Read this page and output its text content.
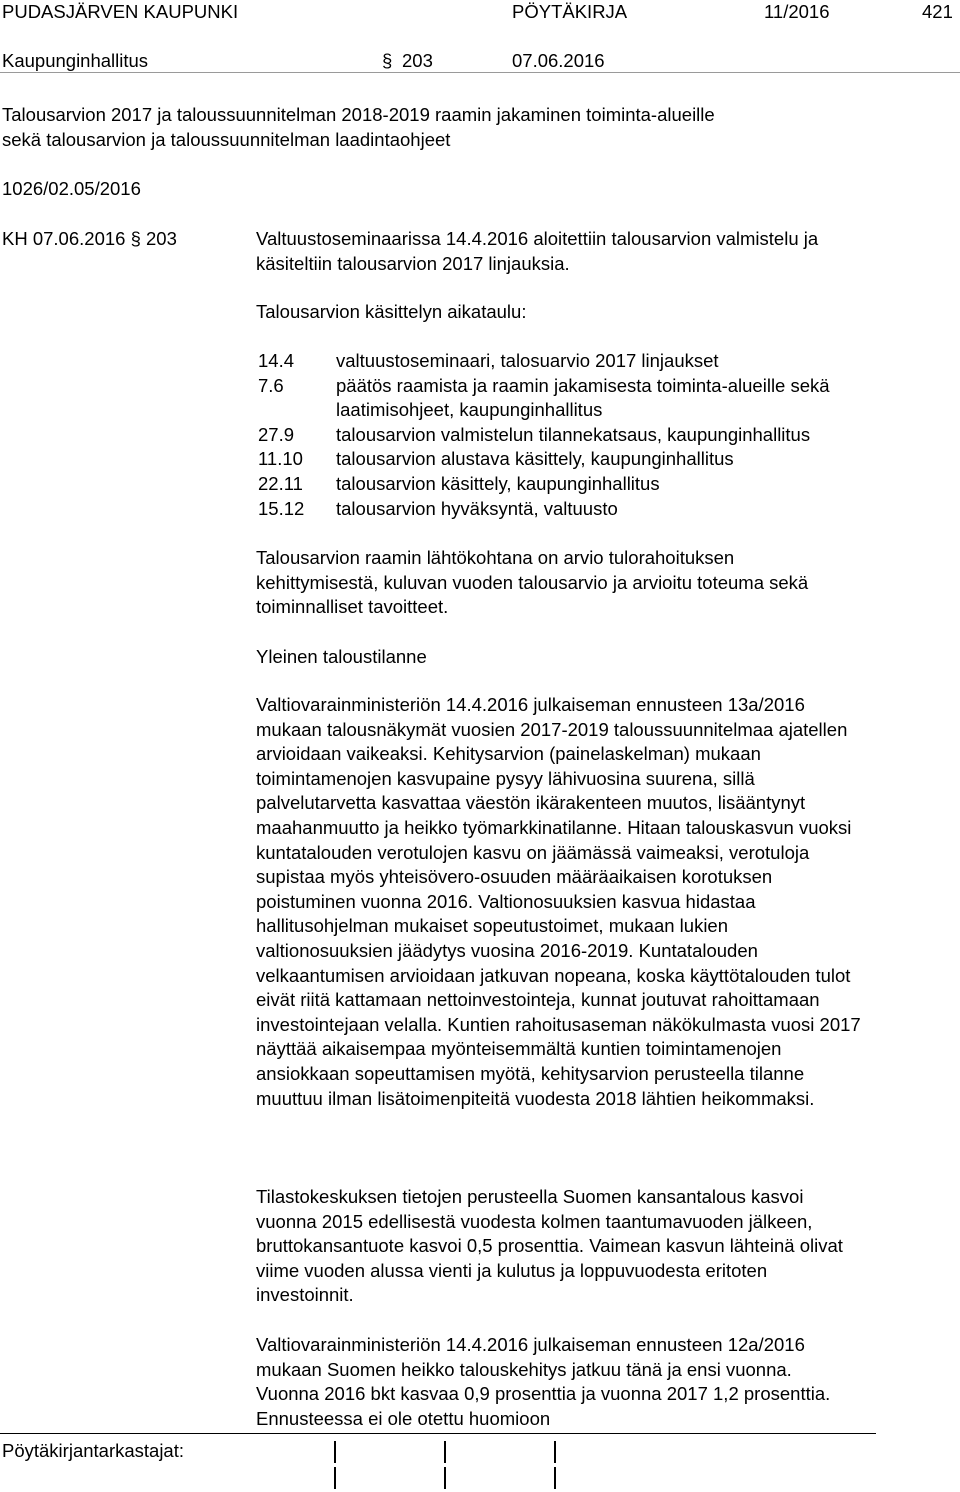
PUDASJÄRVEN KAUPUNKI	PÖYTÄKIRJA	11/2016	421
Kaupunginhallitus	§ 203	07.06.2016
Talousarvion 2017 ja taloussuunnitelman 2018-2019 raamin jakaminen toiminta-alueille
sekä talousarvion ja taloussuunnitelman laadintaohjeet
1026/02.05/2016
KH 07.06.2016 § 203	Valtuustoseminaarissa 14.4.2016 aloitettiin talousarvion valmistelu ja käsiteltiin talousarvion 2017 linjauksia.

Talousarvion käsittelyn aikataulu:

14.4	valtuustoseminaari, talosuarvio 2017 linjaukset
7.6	päätös raamista ja raamin jakamisesta toiminta-alueille sekä laatimisohjeet, kaupunginhallitus
27.9	talousarvion valmistelun tilannekatsaus, kaupunginhallitus
11.10	talousarvion alustava käsittely, kaupunginhallitus
22.11	talousarvion käsittely, kaupunginhallitus
15.12	talousarvion hyväksyntä, valtuusto

Talousarvion raamin lähtökohtana on arvio tulorahoituksen kehittymisestä, kuluvan vuoden talousarvio ja arvioitu toteuma sekä toiminnalliset tavoitteet.

Yleinen taloustilanne

Valtiovarainministeriön 14.4.2016 julkaiseman ennusteen 13a/2016 mukaan talousnäkymät vuosien 2017-2019 taloussuunnitelmaa ajatellen arvioidaan vaikeaksi. Kehitysarvion (painelaskelman) mukaan toimintamenojen kasvupaine pysyy lähivuosina suurena, sillä palvelutarvetta kasvattaa väestön ikärakenteen muutos, lisääntynyt maahanmuutto ja heikko työmarkkinatilanne. Hitaan talouskasvun vuoksi kuntatalouden verotulojen kasvu on jäämässä vaimeaksi, verotuloja supistaa myös yhteisövero-osuuden määräaikaisen korotuksen poistuminen vuonna 2016. Valtionosuuksien kasvua hidastaa hallitusohjelman mukaiset sopeutustoimet, mukaan lukien valtionosuuksien jäädytys vuosina 2016-2019. Kuntatalouden velkaantumisen arvioidaan jatkuvan nopeana, koska käyttötalouden tulot eivät riitä kattamaan nettoinvestointeja, kunnat joutuvat rahoittamaan investointejaan velalla. Kuntien rahoitusaseman näkökulmasta vuosi 2017 näyttää aikaisempaa myönteisemmältä kuntien toimintamenojen ansiokkaan sopeuttamisen myötä, kehitysarvion perusteella tilanne muuttuu ilman lisätoimenpiteitä vuodesta 2018 lähtien heikommaksi.

Tilastokeskuksen tietojen perusteella Suomen kansantalous kasvoi vuonna 2015 edellisestä vuodesta kolmen taantumavuoden jälkeen, bruttokansantuote kasvoi 0,5 prosenttia. Vaimean kasvun lähteinä olivat viime vuoden alussa vienti ja kulutus ja loppuvuodesta eritoten investoinnit.

Valtiovarainministeriön 14.4.2016 julkaiseman ennusteen 12a/2016 mukaan Suomen heikko talouskehitys jatkuu tänä ja ensi vuonna. Vuonna 2016 bkt kasvaa 0,9 prosenttia ja vuonna 2017 1,2 prosenttia. Ennusteessa ei ole otettu huomioon

Pöytäkirjantarkastajat:
